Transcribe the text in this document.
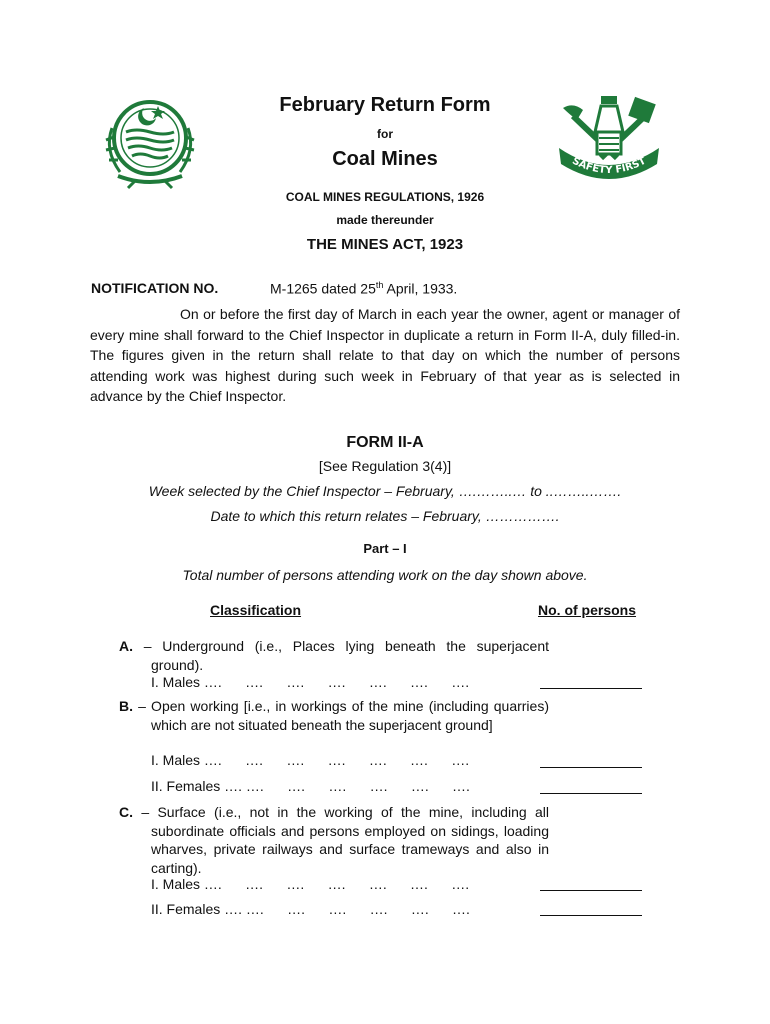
SAFETY FIRST
February Return Form
for
Coal Mines
COAL MINES REGULATIONS, 1926
made thereunder
THE MINES ACT, 1923
NOTIFICATION NO.	M-1265 dated 25th April, 1933.
On or before the first day of March in each year the owner, agent or manager of every mine shall forward to the Chief Inspector in duplicate a return in Form II-A, duly filled-in. The figures given in the return shall relate to that day on which the number of persons attending work was highest during such week in February of that year as is selected in advance by the Chief Inspector.
FORM II-A
[See Regulation 3(4)]
Week selected by the Chief Inspector – February, ….……..… to ..……..…….
Date to which this return relates – February, …………….
Part – I
Total number of persons attending work on the day shown above.
Classification	No. of persons
A. – Underground (i.e., Places lying beneath the superjacent ground).
I. Males ….      ….      ….      ….      ….      ….      ….
B. – Open working [i.e., in workings of the mine (including quarries) which are not situated beneath the superjacent ground]
I. Males ….      ….      ….      ….      ….      ….      ….
II. Females …. ….      ….      ….      ….      ….      ….
C. – Surface (i.e., not in the working of the mine, including all subordinate officials and persons employed on sidings, loading wharves, private railways and surface trameways and also in carting).
I. Males ….      ….      ….      ….      ….      ….      ….
II. Females …. ….      ….      ….      ….      ….      ….
